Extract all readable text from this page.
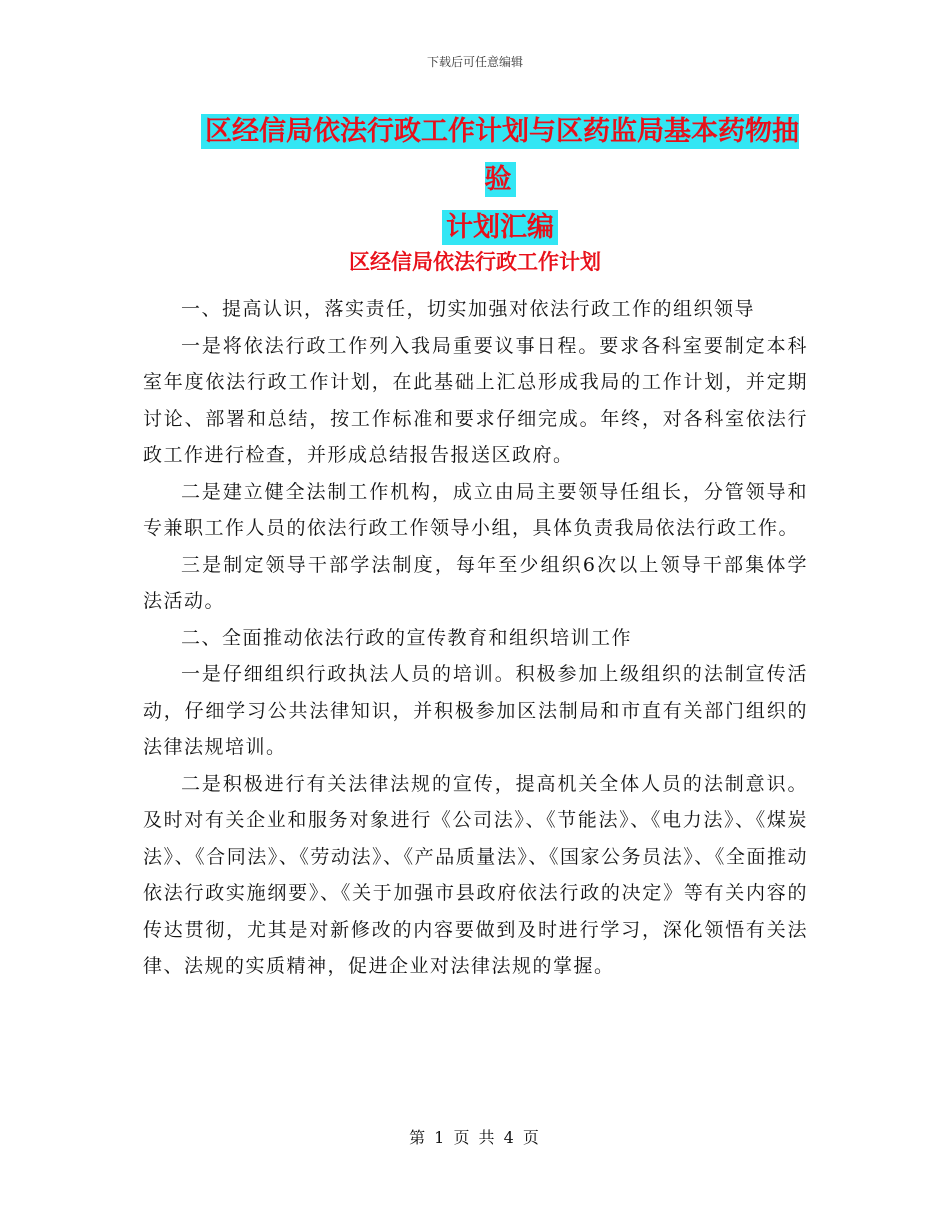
下载后可任意编辑
区经信局依法行政工作计划与区药监局基本药物抽验
计划汇编
区经信局依法行政工作计划

一、提高认识，落实责任，切实加强对依法行政工作的组织领导

一是将依法行政工作列入我局重要议事日程。要求各科室要制定本科室年度依法行政工作计划，在此基础上汇总形成我局的工作计划，并定期讨论、部署和总结，按工作标准和要求仔细完成。年终，对各科室依法行政工作进行检查，并形成总结报告报送区政府。

二是建立健全法制工作机构，成立由局主要领导任组长，分管领导和专兼职工作人员的依法行政工作领导小组，具体负责我局依法行政工作。

三是制定领导干部学法制度，每年至少组织6次以上领导干部集体学法活动。

二、全面推动依法行政的宣传教育和组织培训工作

一是仔细组织行政执法人员的培训。积极参加上级组织的法制宣传活动，仔细学习公共法律知识，并积极参加区法制局和市直有关部门组织的法律法规培训。

二是积极进行有关法律法规的宣传，提高机关全体人员的法制意识。及时对有关企业和服务对象进行《公司法》、《节能法》、《电力法》、《煤炭法》、《合同法》、《劳动法》、《产品质量法》、《国家公务员法》、《全面推动依法行政实施纲要》、《关于加强市县政府依法行政的决定》等有关内容的传达贯彻，尤其是对新修改的内容要做到及时进行学习，深化领悟有关法律、法规的实质精神，促进企业对法律法规的掌握。

第 1 页 共 4 页
